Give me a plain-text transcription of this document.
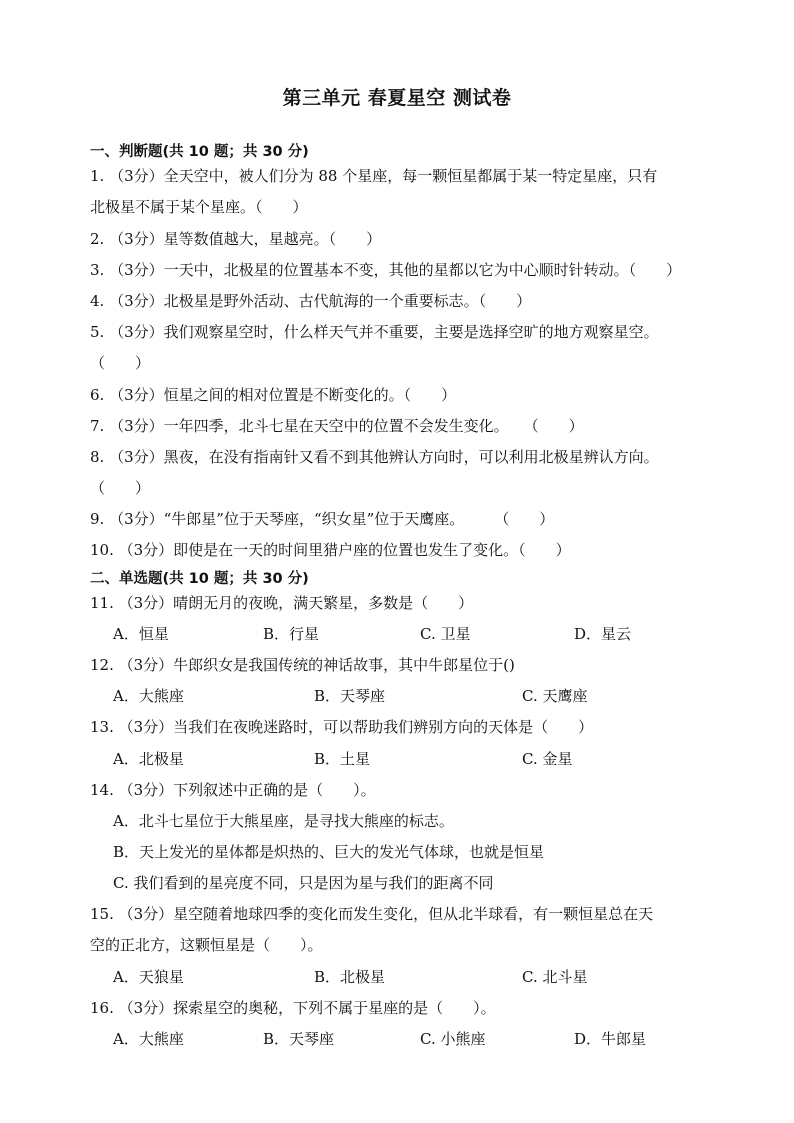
第三单元 春夏星空 测试卷
一、判断题(共 10 题；共 30 分)
1. （3分）全天空中，被人们分为 88 个星座，每一颗恒星都属于某一特定星座，只有
北极星不属于某个星座。（　　）
2. （3分）星等数值越大，星越亮。（　　）
3. （3分）一天中，北极星的位置基本不变，其他的星都以它为中心顺时针转动。（　　）
4. （3分）北极星是野外活动、古代航海的一个重要标志。（　　）
5. （3分）我们观察星空时，什么样天气并不重要，主要是选择空旷的地方观察星空。
（　　）
6. （3分）恒星之间的相对位置是不断变化的。（　　）
7. （3分）一年四季，北斗七星在天空中的位置不会发生变化。　　（　　）
8. （3分）黑夜，在没有指南针又看不到其他辨认方向时，可以利用北极星辨认方向。
（　　）
9. （3分）“牛郎星”位于天琴座，“织女星”位于天鹰座。　　　（　　）
10. （3分）即使是在一天的时间里猎户座的位置也发生了变化。（　　）
二、单选题(共 10 题；共 30 分)
11. （3分）晴朗无月的夜晚，满天繁星，多数是（　　）
A．恒星	B．行星	C. 卫星	D．星云
12. （3分）牛郎织女是我国传统的神话故事，其中牛郎星位于()
A．大熊座	B．天琴座	C. 天鹰座
13. （3分）当我们在夜晚迷路时，可以帮助我们辨别方向的天体是（　　）
A．北极星	B．土星	C. 金星
14. （3分）下列叙述中正确的是（　　）。
A．北斗七星位于大熊星座，是寻找大熊座的标志。
B．天上发光的星体都是炽热的、巨大的发光气体球，也就是恒星
C. 我们看到的星亮度不同，只是因为星与我们的距离不同
15. （3分）星空随着地球四季的变化而发生变化，但从北半球看，有一颗恒星总在天
空的正北方，这颗恒星是（　　）。
A．天狼星	B．北极星	C. 北斗星
16. （3分）探索星空的奥秘，下列不属于星座的是（　　）。
A．大熊座	B．天琴座	C. 小熊座	D．牛郎星
